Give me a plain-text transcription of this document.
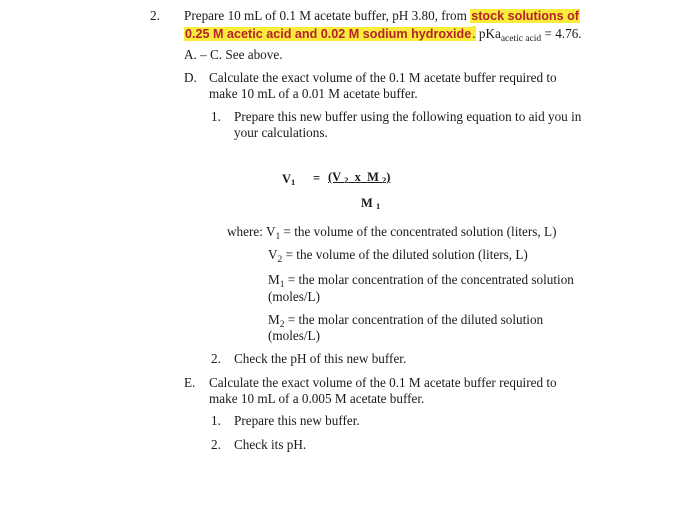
2. Prepare 10 mL of 0.1 M acetate buffer, pH 3.80, from stock solutions of
0.25 M acetic acid and 0.02 M sodium hydroxide. pKa$_{acetic acid}$ = 4.76.
A. – C. See above.
D. Calculate the exact volume of the 0.1 M acetate buffer required to
make 10 mL of a 0.01 M acetate buffer.
1. Prepare this new buffer using the following equation to aid you in
your calculations.
V1 = (V 2 x M 2)
M 1
where: $V_1$ = the volume of the concentrated solution (liters, L)
$V_2$ = the volume of the diluted solution (liters, L)
$M_1$ = the molar concentration of the concentrated solution
(moles/L)
$M_2$ = the molar concentration of the diluted solution
(moles/L)
2. Check the pH of this new buffer.
E. Calculate the exact volume of the 0.1 M acetate buffer required to
make 10 mL of a 0.005 M acetate buffer.
1. Prepare this new buffer.
2. Check its pH.
